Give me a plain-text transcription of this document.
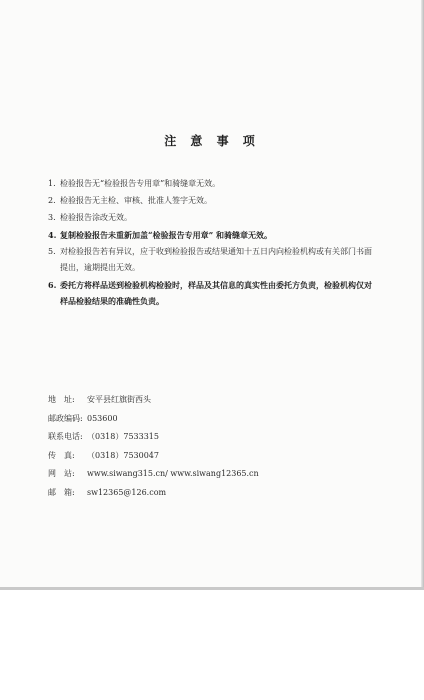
注 意 事 项
1. 检验报告无“检验报告专用章”和骑缝章无效。
2. 检验报告无主检、审核、批准人签字无效。
3. 检验报告涂改无效。
4. 复制检验报告未重新加盖“检验报告专用章” 和骑缝章无效。
5. 对检验报告若有异议，应于收到检验报告或结果通知十五日内向检验机构或有关部门书面提出，逾期提出无效。
6. 委托方将样品送到检验机构检验时，样品及其信息的真实性由委托方负责，检验机构仅对样品检验结果的准确性负责。
地　址:	安平县红旗街西头
邮政编码: 053600
联系电话: （0318）7533315
传　真:	（0318）7530047
网　站:	www.siwang315.cn/ www.siwang12365.cn
邮　箱:	sw12365@126.com
